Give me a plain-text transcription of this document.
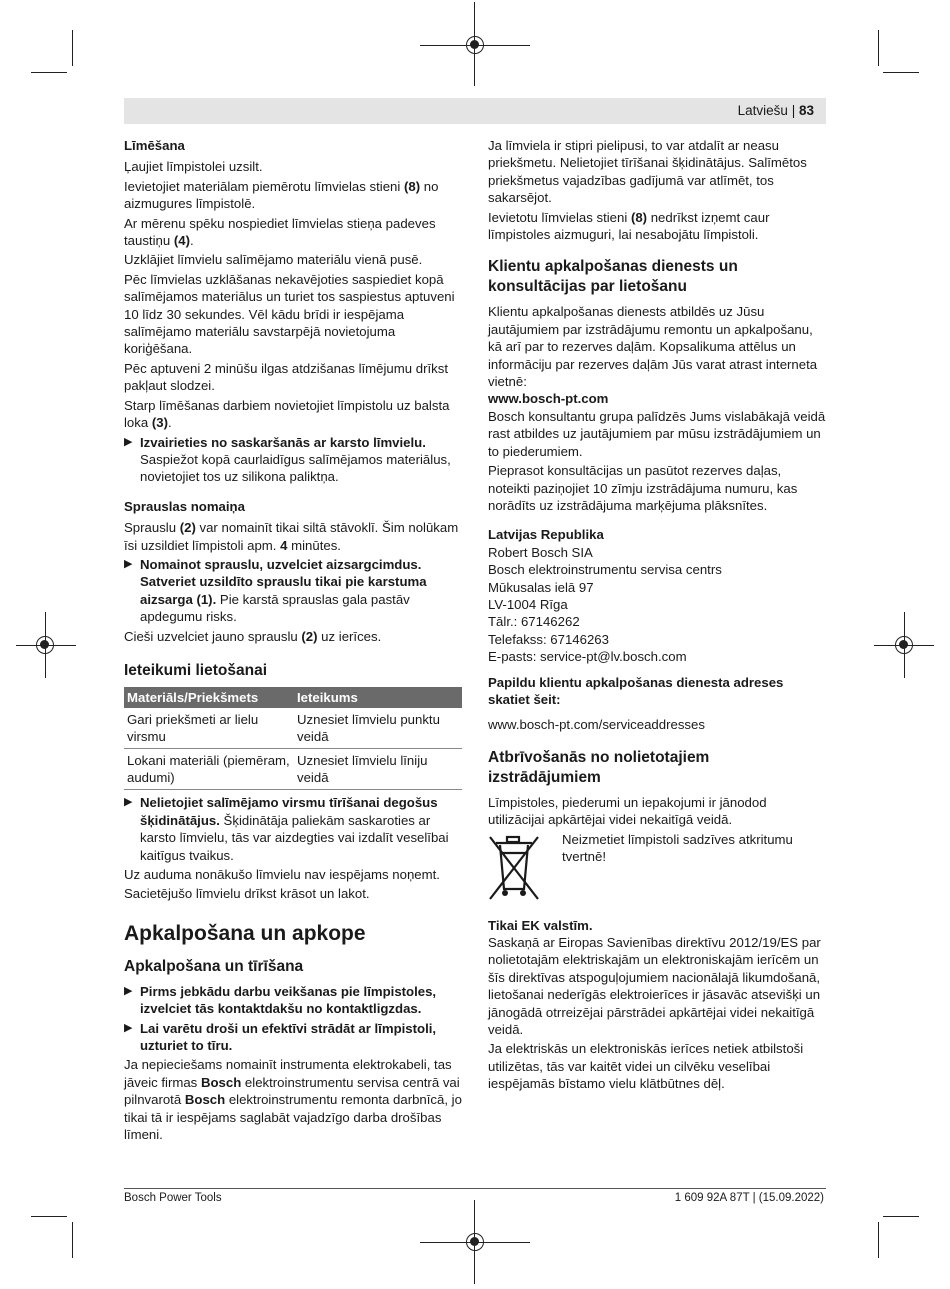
Latviešu | 83
Līmēšana

Ļaujiet līmpistolei uzsilt.

Ievietojiet materiālam piemērotu līmvielas stieni (8) no aizmugures līmpistolē.

Ar mērenu spēku nospiediet līmvielas stieņa padeves taustiņu (4).

Uzklājiet līmvielu salīmējamo materiālu vienā pusē.

Pēc līmvielas uzklāšanas nekavējoties saspiediet kopā salīmējamos materiālus un turiet tos saspiestus aptuveni 10 līdz 30 sekundes. Vēl kādu brīdi ir iespējama salīmējamo materiālu savstarpējā novietojuma koriģēšana.

Pēc aptuveni 2 minūšu ilgas atdzišanas līmējumu drīkst pakļaut slodzei.

Starp līmēšanas darbiem novietojiet līmpistolu uz balsta loka (3).

▶ Izvairieties no saskaršanās ar karsto līmvielu. Saspiežot kopā caurlaidīgus salīmējamos materiālus, novietojiet tos uz silikona paliktņa.
Sprauslas nomaiņa

Sprauslu (2) var nomainīt tikai siltā stāvoklī. Šim nolūkam īsi uzsildiet līmpistoli apm. 4 minūtes.

▶ Nomainot sprauslu, uzvelciet aizsargcimdus. Satveriet uzsildīto sprauslu tikai pie karstuma aizsarga (1). Pie karstā sprauslas gala pastāv apdegumu risks.

Cieši uzvelciet jauno sprauslu (2) uz ierīces.

Ieteikumi lietošanai
Materiāls/Priekšmets	Ieteikums
Gari priekšmeti ar lielu virsmu	Uznesiet līmvielu punktu veidā
Lokani materiāli (piemēram, audumi)	Uznesiet līmvielu līniju veidā
▶ Nelietojiet salīmējamo virsmu tīrīšanai degošus šķidinātājus. Šķidinātāja paliekām saskaroties ar karsto līmvielu, tās var aizdegties vai izdalīt veselībai kaitīgus tvaikus.

Uz auduma nonākušo līmvielu nav iespējams noņemt.

Sacietējušo līmvielu drīkst krāsot un lakot.

Apkalpošana un apkope
Apkalpošana un tīrīšana
▶ Pirms jebkādu darbu veikšanas pie līmpistoles, izvelciet tās kontaktdakšu no kontaktligzdas.
▶ Lai varētu droši un efektīvi strādāt ar līmpistoli, uzturiet to tīru.

Ja nepieciešams nomainīt instrumenta elektrokabeli, tas jāveic firmas Bosch elektroinstrumentu servisa centrā vai pilnvarotā Bosch elektroinstrumentu remonta darbnīcā, jo tikai tā ir iespējams saglabāt vajadzīgo darba drošības līmeni.

Ja līmviela ir stipri pielipusi, to var atdalīt ar neasu priekšmetu. Nelietojiet tīrīšanai šķidinātājus. Salīmētos priekšmetus vajadzības gadījumā var atlīmēt, tos sakarsējot.

Ievietotu līmvielas stieni (8) nedrīkst izņemt caur līmpistoles aizmuguri, lai nesabojātu līmpistoli.

Klientu apkalpošanas dienests un konsultācijas par lietošanu

Klientu apkalpošanas dienests atbildēs uz Jūsu jautājumiem par izstrādājumu remontu un apkalpošanu, kā arī par to rezerves daļām. Kopsalikuma attēlus un informāciju par rezerves daļām Jūs varat atrast interneta vietnē:

www.bosch-pt.com

Bosch konsultantu grupa palīdzēs Jums vislabākajā veidā rast atbildes uz jautājumiem par mūsu izstrādājumiem un to piederumiem.

Pieprasot konsultācijas un pasūtot rezerves daļas, noteikti paziņojiet 10 zīmju izstrādājuma numuru, kas norādīts uz izstrādājuma marķējuma plāksnītes.

Latvijas Republika
Robert Bosch SIA
Bosch elektroinstrumentu servisa centrs
Mūkusalas ielā 97
LV-1004 Rīga
Tālr.: 67146262
Telefakss: 67146263
E-pasts: service-pt@lv.bosch.com
Papildu klientu apkalpošanas dienesta adreses skatiet šeit:
www.bosch-pt.com/serviceaddresses
Atbrīvošanās no nolietotajiem izstrādājumiem

Līmpistoles, piederumi un iepakojumi ir jānodod utilizācijai apkārtējai videi nekaitīgā veidā.

Neizmetiet līmpistoli sadzīves atkritumu tvertnē!
Tikai EK valstīm.

Saskaņā ar Eiropas Savienības direktīvu 2012/19/ES par nolietotajām elektriskajām un elektroniskajām ierīcēm un šīs direktīvas atspoguļojumiem nacionālajā likumdošanā, lietošanai nederīgās elektroierīces ir jāsavāc atsevišķi un jānogādā otrreizējai pārstrādei apkārtējai videi nekaitīgā veidā.

Ja elektriskās un elektroniskās ierīces netiek atbilstoši utilizētas, tās var kaitēt videi un cilvēku veselībai iespējamās bīstamo vielu klātbūtnes dēļ.

Bosch Power Tools	1 609 92A 87T | (15.09.2022)
